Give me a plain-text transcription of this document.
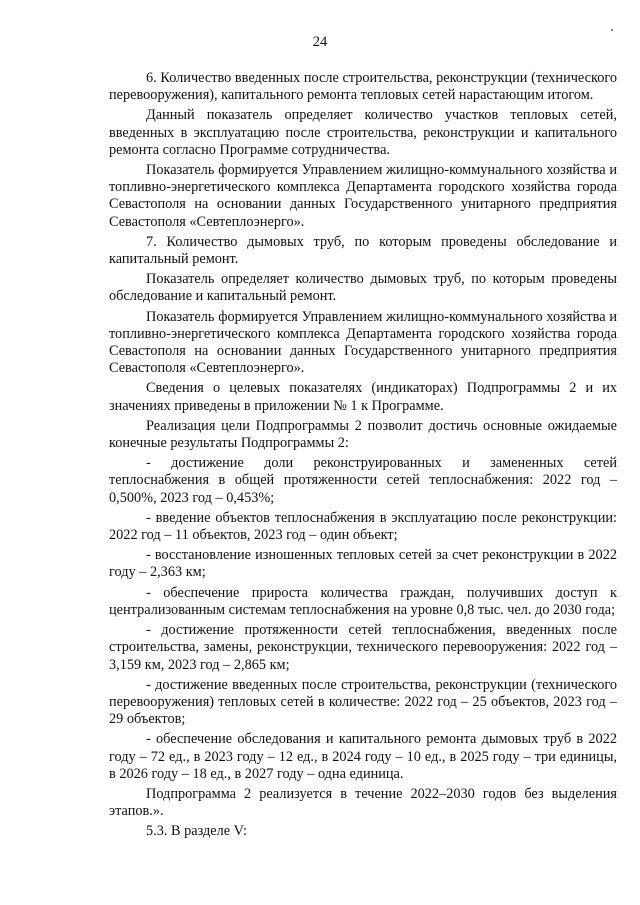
24

6. Количество введенных после строительства, реконструкции (технического перевооружения), капитального ремонта тепловых сетей нарастающим итогом.

Данный показатель определяет количество участков тепловых сетей, введенных в эксплуатацию после строительства, реконструкции и капитального ремонта согласно Программе сотрудничества.

Показатель формируется Управлением жилищно-коммунального хозяйства и топливно-энергетического комплекса Департамента городского хозяйства города Севастополя на основании данных Государственного унитарного предприятия Севастополя «Севтеплоэнерго».

7. Количество дымовых труб, по которым проведены обследование и капитальный ремонт.

Показатель определяет количество дымовых труб, по которым проведены обследование и капитальный ремонт.

Показатель формируется Управлением жилищно-коммунального хозяйства и топливно-энергетического комплекса Департамента городского хозяйства города Севастополя на основании данных Государственного унитарного предприятия Севастополя «Севтеплоэнерго».

Сведения о целевых показателях (индикаторах) Подпрограммы 2 и их значениях приведены в приложении № 1 к Программе.

Реализация цели Подпрограммы 2 позволит достичь основные ожидаемые конечные результаты Подпрограммы 2:

- достижение доли реконструированных и замененных сетей теплоснабжения в общей протяженности сетей теплоснабжения: 2022 год – 0,500%, 2023 год – 0,453%;

- введение объектов теплоснабжения в эксплуатацию после реконструкции: 2022 год – 11 объектов, 2023 год – один объект;

- восстановление изношенных тепловых сетей за счет реконструкции в 2022 году – 2,363 км;

- обеспечение прироста количества граждан, получивших доступ к централизованным системам теплоснабжения на уровне 0,8 тыс. чел. до 2030 года;

- достижение протяженности сетей теплоснабжения, введенных после строительства, замены, реконструкции, технического перевооружения: 2022 год – 3,159 км, 2023 год – 2,865 км;

- достижение введенных после строительства, реконструкции (технического перевооружения) тепловых сетей в количестве: 2022 год – 25 объектов, 2023 год – 29 объектов;

- обеспечение обследования и капитального ремонта дымовых труб в 2022 году – 72 ед., в 2023 году – 12 ед., в 2024 году – 10 ед., в 2025 году – три единицы, в 2026 году – 18 ед., в 2027 году – одна единица.

Подпрограмма 2 реализуется в течение 2022–2030 годов без выделения этапов.».

5.3. В разделе V:
